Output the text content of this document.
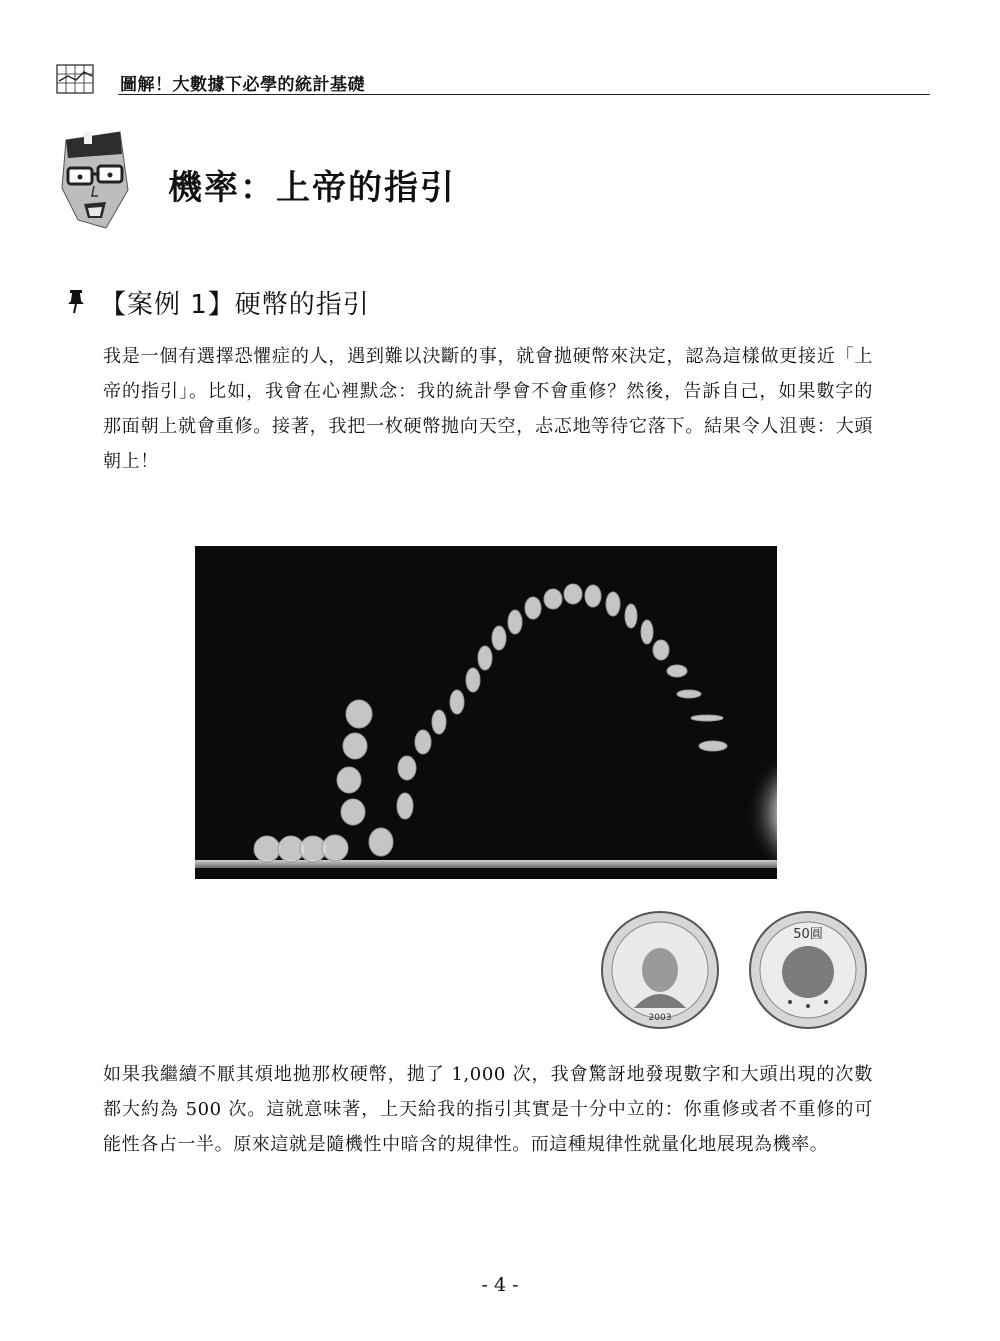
圖解！大數據下必學的統計基礎
機率：上帝的指引
【案例 1】硬幣的指引
我是一個有選擇恐懼症的人，遇到難以決斷的事，就會拋硬幣來決定，認為這樣做更接近「上帝的指引」。比如，我會在心裡默念：我的統計學會不會重修？然後，告訴自己，如果數字的那面朝上就會重修。接著，我把一枚硬幣拋向天空，忐忑地等待它落下。結果令人沮喪：大頭朝上！
2003
50圓
如果我繼續不厭其煩地拋那枚硬幣，拋了 1,000 次，我會驚訝地發現數字和大頭出現的次數都大約為 500 次。這就意味著，上天給我的指引其實是十分中立的：你重修或者不重修的可能性各占一半。原來這就是隨機性中暗含的規律性。而這種規律性就量化地展現為機率。
- 4 -
